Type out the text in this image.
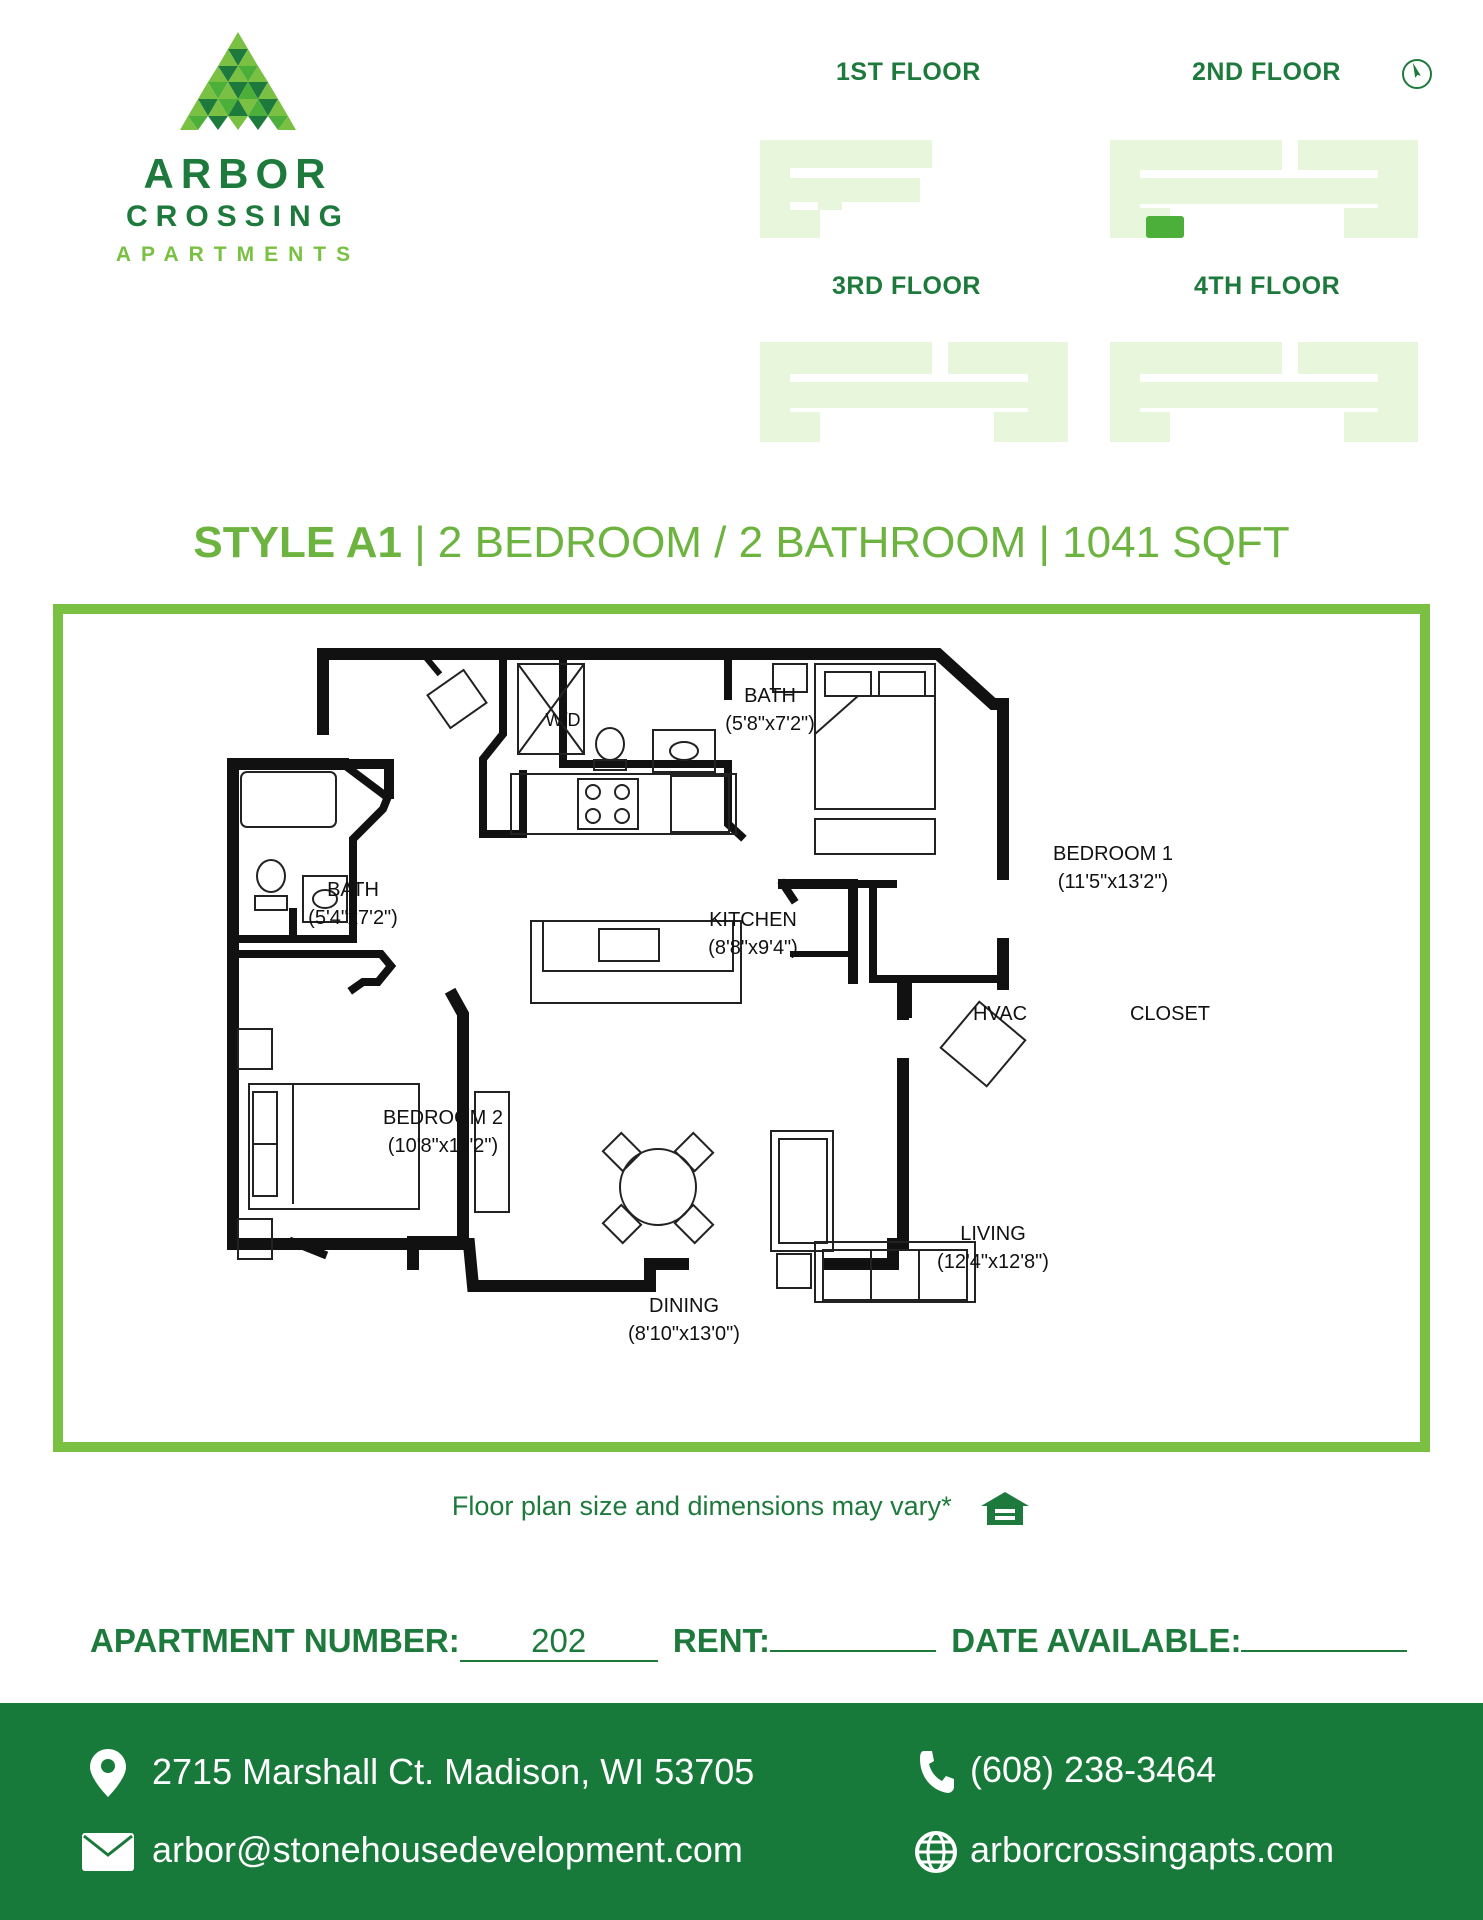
ARBOR
CROSSING
APARTMENTS
1ST FLOOR	2ND FLOOR
3RD FLOOR	4TH FLOOR
STYLE A1 | 2 BEDROOM / 2 BATHROOM | 1041 SQFT
BATH
(5'8"x7'2")
W/D
BEDROOM 1
(11'5"x13'2")
BATH
(5'4"x7'2")	KITCHEN
(8'8"x9'4")
HVAC	CLOSET
BEDROOM 2
(10'8"x11'2")
LIVING
(12'4"x12'8")
DINING
(8'10"x13'0")
Floor plan size and dimensions may vary*
APARTMENT NUMBER: 202	RENT:	DATE AVAILABLE:
2715 Marshall Ct. Madison, WI 53705	(608) 238-3464
arbor@stonehousedevelopment.com	arborcrossingapts.com
